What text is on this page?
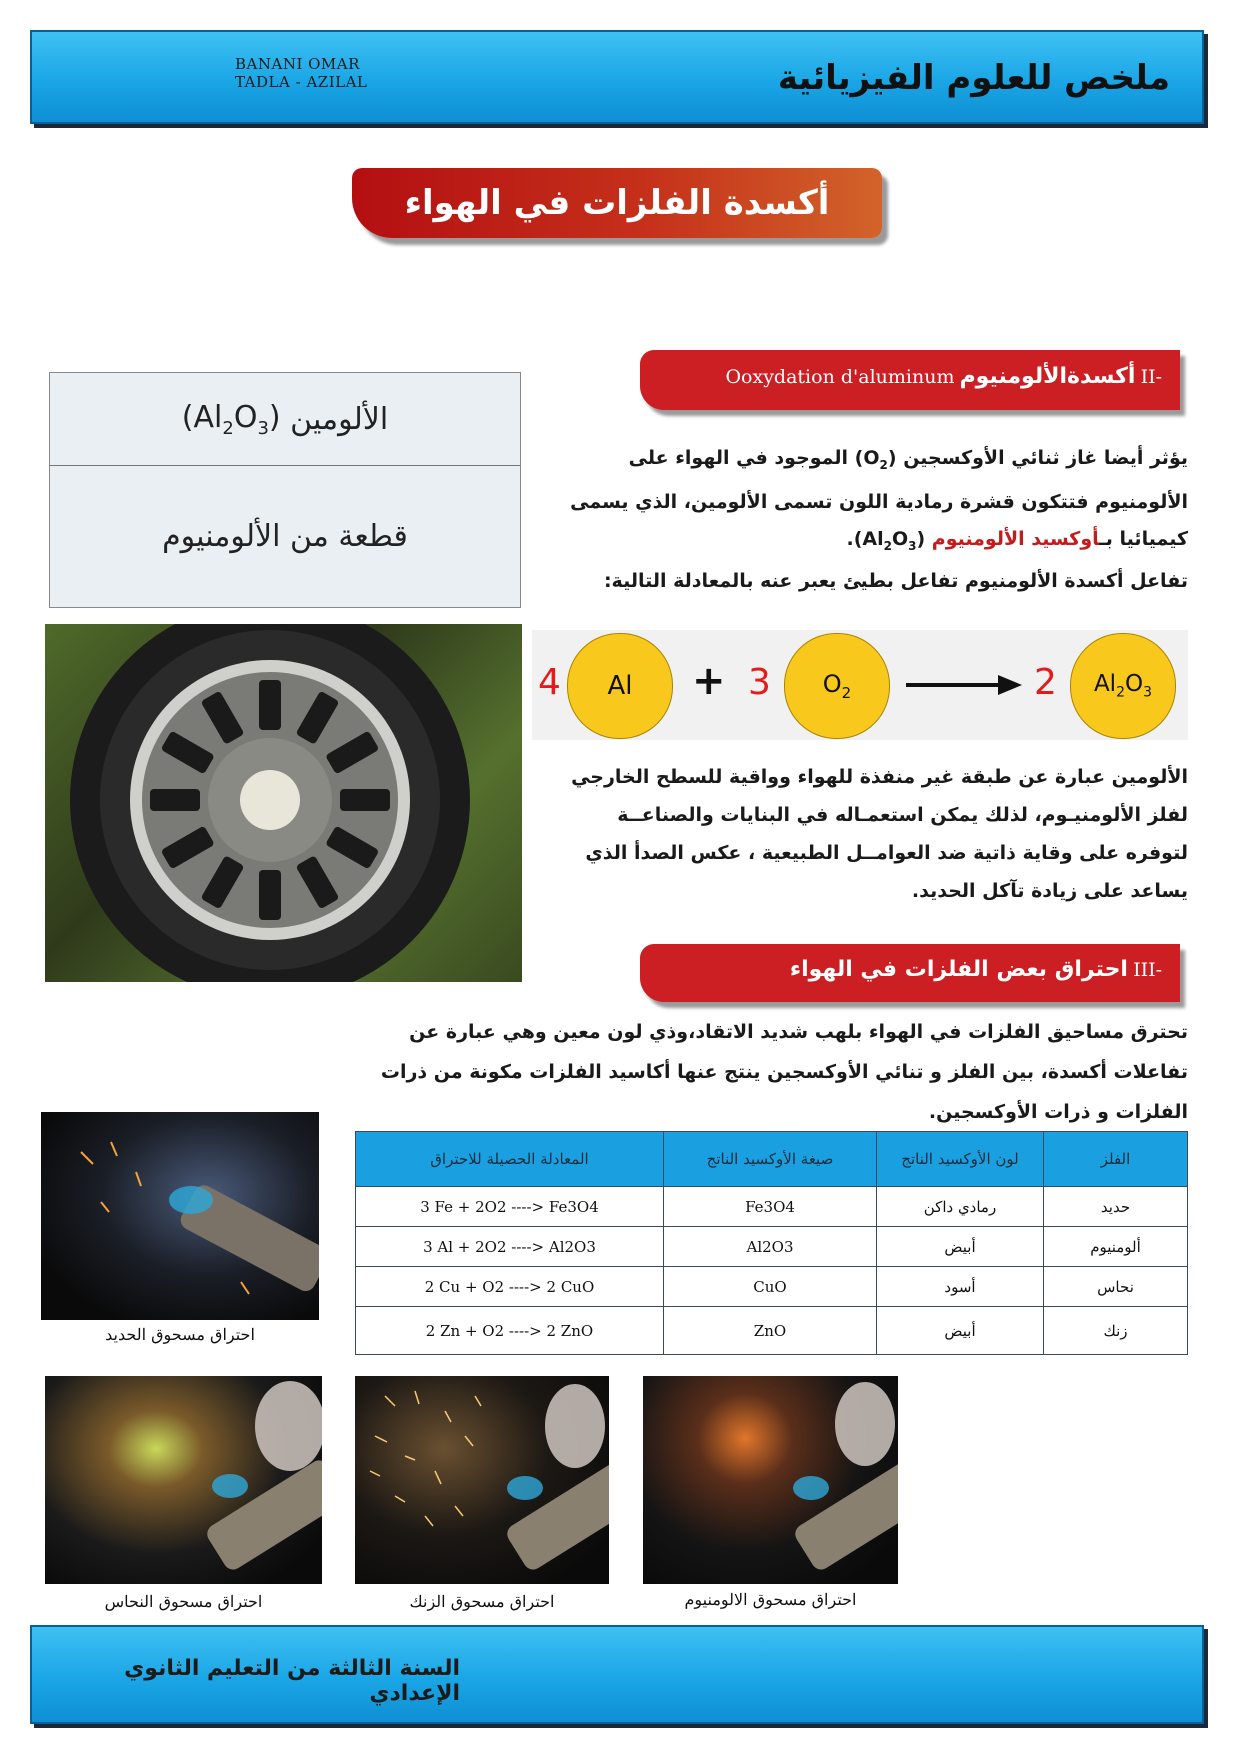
BANANI OMAR
TADLA - AZILAL	ملخص للعلوم الفيزيائية
أكسدة الفلزات في الهواء
II- أكسدةالألومنيوم Ooxydation d'aluminum
الألومين

$(Al_2O_3)$
قطعة من الألومنيوم
يؤثر أيضا غاز ثنائي الأوكسجين $(O_2)$ الموجود في الهواء على الألومنيوم فتتكون قشرة رمادية اللون تسمى الألومين، الذي يسمى كيميائيا بـأوكسيد الألومنيوم $(Al_2O_3)$.
تفاعل أكسدة الألومنيوم تفاعل بطيئ يعبر عنه بالمعادلة التالية:
4 Al + 3 $O_2$	2 $Al_2O_3$
الألومين عبارة عن طبقة غير منفذة للهواء وواقية للسطح الخارجي لفلز الألومنيـوم، لذلك يمكن استعمـاله في البنايات والصناعــة لتوفره على وقاية ذاتية ضد العوامــل الطبيعية ، عكس الصدأ الذي يساعد على زيادة تآكل الحديد.
III- احتراق بعض الفلزات في الهواء
تحترق مساحيق الفلزات في الهواء بلهب شديد الاتقاد،وذي لون معين وهي عبارة عن تفاعلات أكسدة، بين الفلز و تنائي الأوكسجين ينتج عنها أكاسيد الفلزات مكونة من ذرات الفلزات و ذرات الأوكسجين.
احتراق مسحوق الحديد
المعادلة الحصيلة للاحتراق	صيغة الأوكسيد الناتج	لون الأوكسيد الناتج	الفلز
3 Fe + 2O2 ----> Fe3O4	Fe3O4	رمادي داكن	حديد
3 Al + 2O2 ----> Al2O3	Al2O3	أبيض	ألومنيوم
2 Cu + O2 ----> 2 CuO	CuO	أسود	نحاس
2 Zn + O2 ----> 2 ZnO	ZnO	أبيض	زنك
احتراق مسحوق النحاس	احتراق مسحوق الزنك	احتراق مسحوق الالومنيوم
السنة الثالثة من التعليم الثانوي الإعدادي
